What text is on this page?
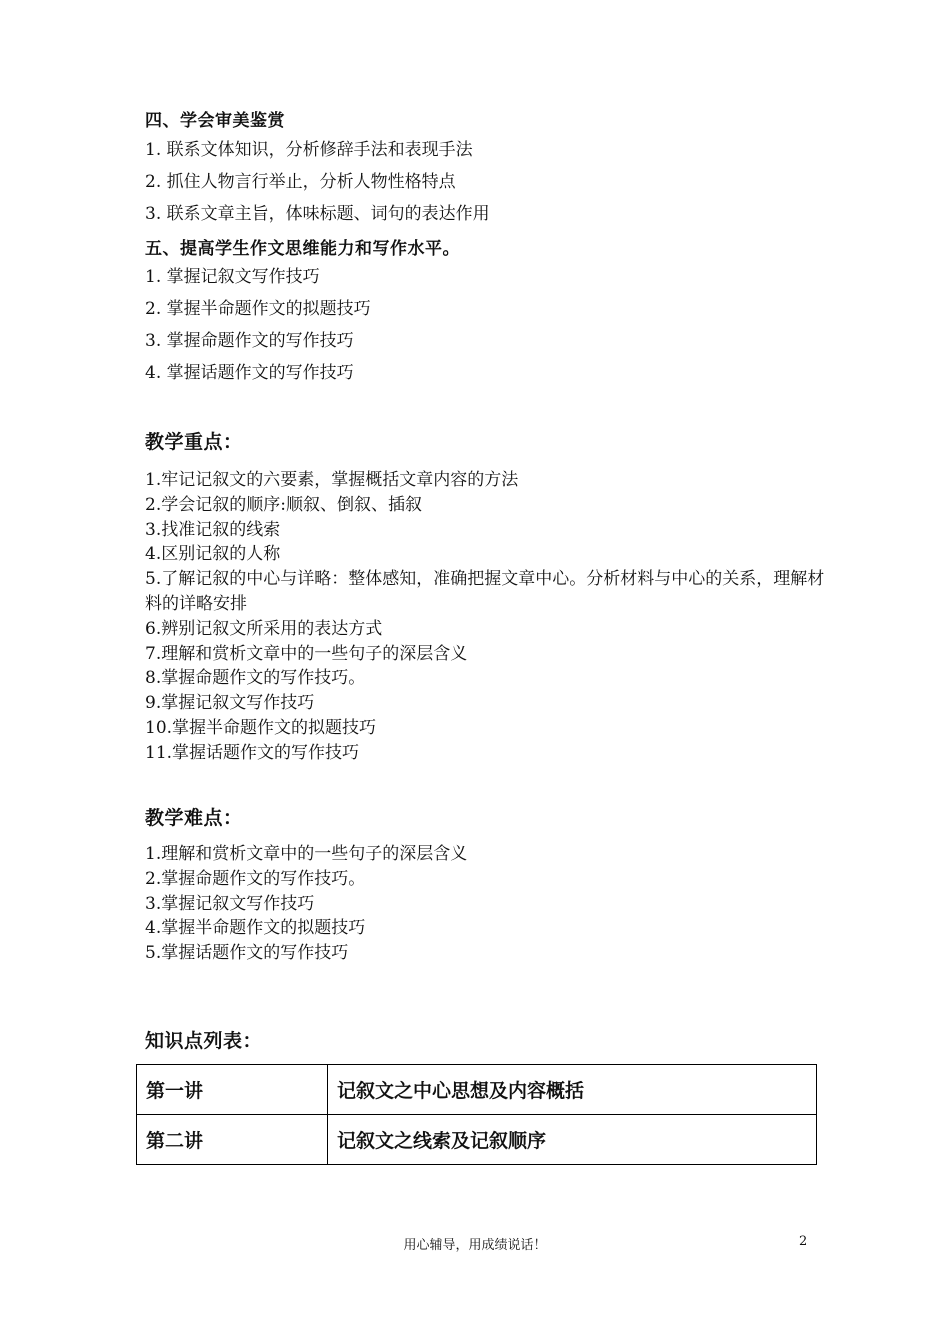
四、学会审美鉴赏
1. 联系文体知识，分析修辞手法和表现手法
2. 抓住人物言行举止，分析人物性格特点
3. 联系文章主旨，体味标题、词句的表达作用
五、提高学生作文思维能力和写作水平。
1. 掌握记叙文写作技巧
2. 掌握半命题作文的拟题技巧
3. 掌握命题作文的写作技巧
4. 掌握话题作文的写作技巧
教学重点：
1.牢记记叙文的六要素，掌握概括文章内容的方法
2.学会记叙的顺序:顺叙、倒叙、插叙
3.找准记叙的线索
4.区别记叙的人称
5.了解记叙的中心与详略：整体感知，准确把握文章中心。分析材料与中心的关系，理解材料的详略安排
6.辨别记叙文所采用的表达方式
7.理解和赏析文章中的一些句子的深层含义
8.掌握命题作文的写作技巧。
9.掌握记叙文写作技巧
10.掌握半命题作文的拟题技巧
11.掌握话题作文的写作技巧
教学难点：
1.理解和赏析文章中的一些句子的深层含义
2.掌握命题作文的写作技巧。
3.掌握记叙文写作技巧
4.掌握半命题作文的拟题技巧
5.掌握话题作文的写作技巧
知识点列表：
第一讲	记叙文之中心思想及内容概括
第二讲	记叙文之线索及记叙顺序
用心辅导，用成绩说话！	2
